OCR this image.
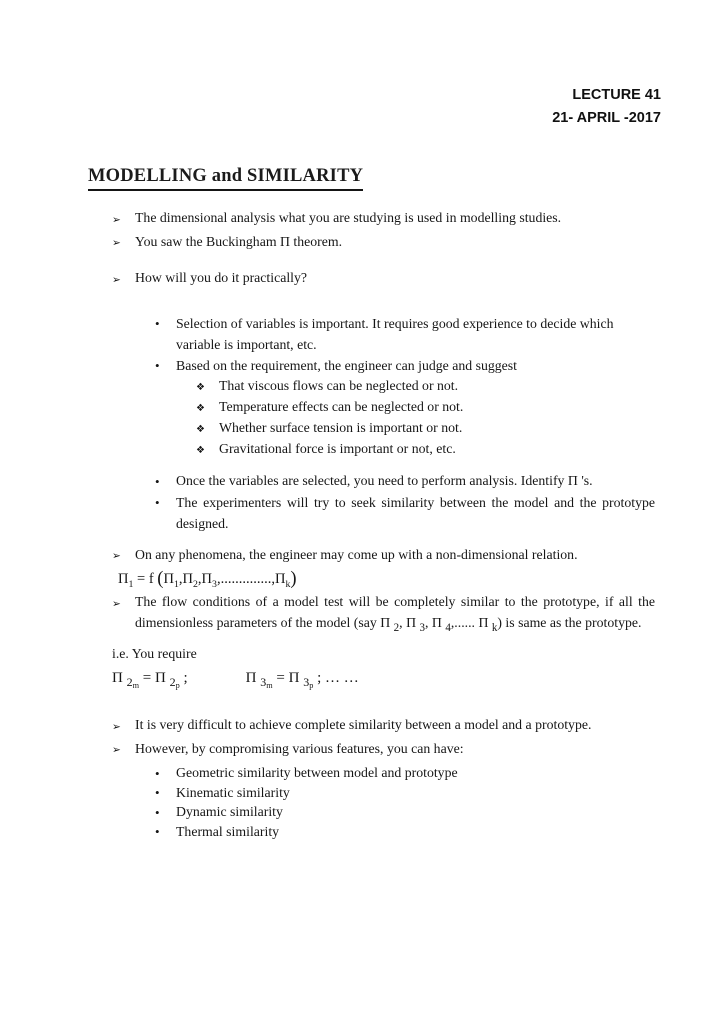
LECTURE 41
21- APRIL -2017
MODELLING and SIMILARITY
➢	The dimensional analysis what you are studying is used in modelling studies.
➢	You saw the Buckingham Π theorem.
➢	How will you do it practically?
•	Selection of variables is important. It requires good experience to decide which variable is important, etc.
•	Based on the requirement, the engineer can judge and suggest
❖	That viscous flows can be neglected or not.
❖	Temperature effects can be neglected or not.
❖	Whether surface tension is important or not.
❖	Gravitational force is important or not, etc.
•	Once the variables are selected, you need to perform analysis. Identify Π 's.
•	The experimenters will try to seek similarity between the model and the prototype designed.
➢	On any phenomena, the engineer may come up with a non-dimensional relation.
$\Pi_1 = f$ $(\Pi_1,\Pi_2,\Pi_3,..............,\Pi_k)$
➢	The flow conditions of a model test will be completely similar to the prototype, if all the dimensionless parameters of the model (say Π $_2$, Π $_3$, Π $_4$,...... Π $_k$) is same as the prototype.
i.e. You require
Π $_{2m}$ = Π $_{2p}$ ;	Π $_{3m}$ = Π $_{3p}$ ; … …
➢	It is very difficult to achieve complete similarity between a model and a prototype.
➢	However, by compromising various features, you can have:
•	Geometric similarity between model and prototype
•	Kinematic similarity
•	Dynamic similarity
•	Thermal similarity
